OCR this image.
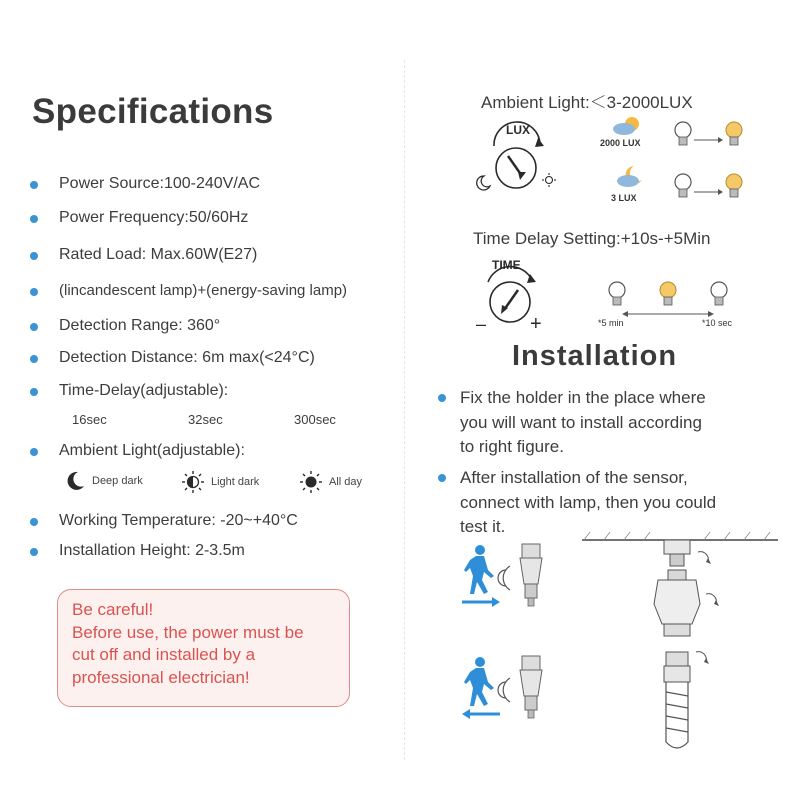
Specifications
Power Source:100-240V/AC
Power Frequency:50/60Hz
Rated Load: Max.60W(E27)
(lincandescent lamp)+(energy-saving lamp)
Detection Range: 360°
Detection Distance: 6m max(<24°C)
Time-Delay(adjustable):
Ambient Light(adjustable):
Working Temperature: -20~+40°C
Installation Height: 2-3.5m
16sec	32sec	300sec
Deep dark	Light dark	All day
Be careful!
Before use, the power must be
cut off and installed by a
professional electrician!
Ambient Light:＜3-2000LUX
LUX
2000 LUX
3 LUX
Time Delay Setting:+10s-+5Min
TIME
– +	*5 min	*10 sec
Installation
Fix the holder in the place where
you will want to install according
to right figure.
After installation of the sensor,
connect with lamp, then you could
test it.
